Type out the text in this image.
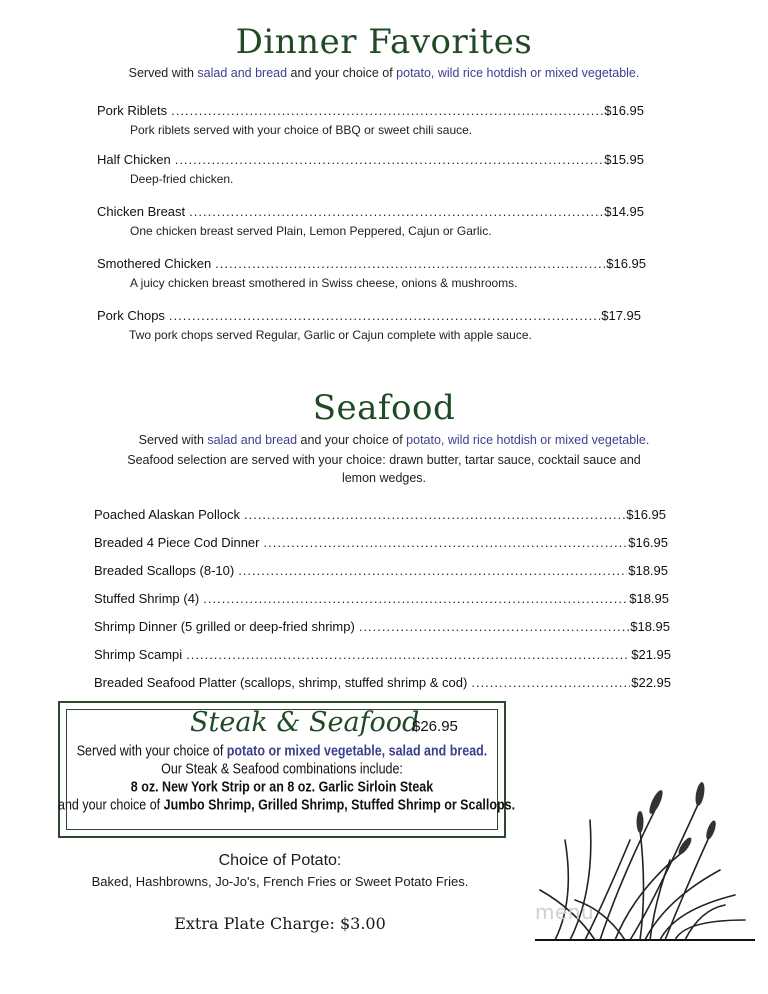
Dinner Favorites
Served with salad and bread and your choice of potato, wild rice hotdish or mixed vegetable.
Pork Riblets .....	$16.95
Pork riblets served with your choice of BBQ or sweet chili sauce.
Half Chicken .....	$15.95
Deep-fried chicken.
Chicken Breast .....	$14.95
One chicken breast served Plain, Lemon Peppered, Cajun or Garlic.
Smothered Chicken .....	$16.95
A juicy chicken breast smothered in Swiss cheese, onions & mushrooms.
Pork Chops .....	$17.95
Two pork chops served Regular, Garlic or Cajun complete with apple sauce.
Seafood
Served with salad and bread and your choice of potato, wild rice hotdish or mixed vegetable.
Seafood selection are served with your choice: drawn butter, tartar sauce, cocktail sauce and
lemon wedges.
Poached Alaskan Pollock .....	$16.95
Breaded 4 Piece Cod Dinner .....	$16.95
Breaded Scallops (8-10) .....	$18.95
Stuffed Shrimp (4) .....	$18.95
Shrimp Dinner (5 grilled or deep-fried shrimp) .....	$18.95
Shrimp Scampi .....	$21.95
Breaded Seafood Platter (scallops, shrimp, stuffed shrimp & cod) .....	$22.95
Steak & Seafood
$26.95
Served with your choice of potato or mixed vegetable, salad and bread.
Our Steak & Seafood combinations include:
8 oz. New York Strip or an 8 oz. Garlic Sirloin Steak
and your choice of Jumbo Shrimp, Grilled Shrimp, Stuffed Shrimp or Scallops.
Choice of Potato:
Baked, Hashbrowns, Jo-Jo's, French Fries or Sweet Potato Fries.
Extra Plate Charge: $3.00	menu
